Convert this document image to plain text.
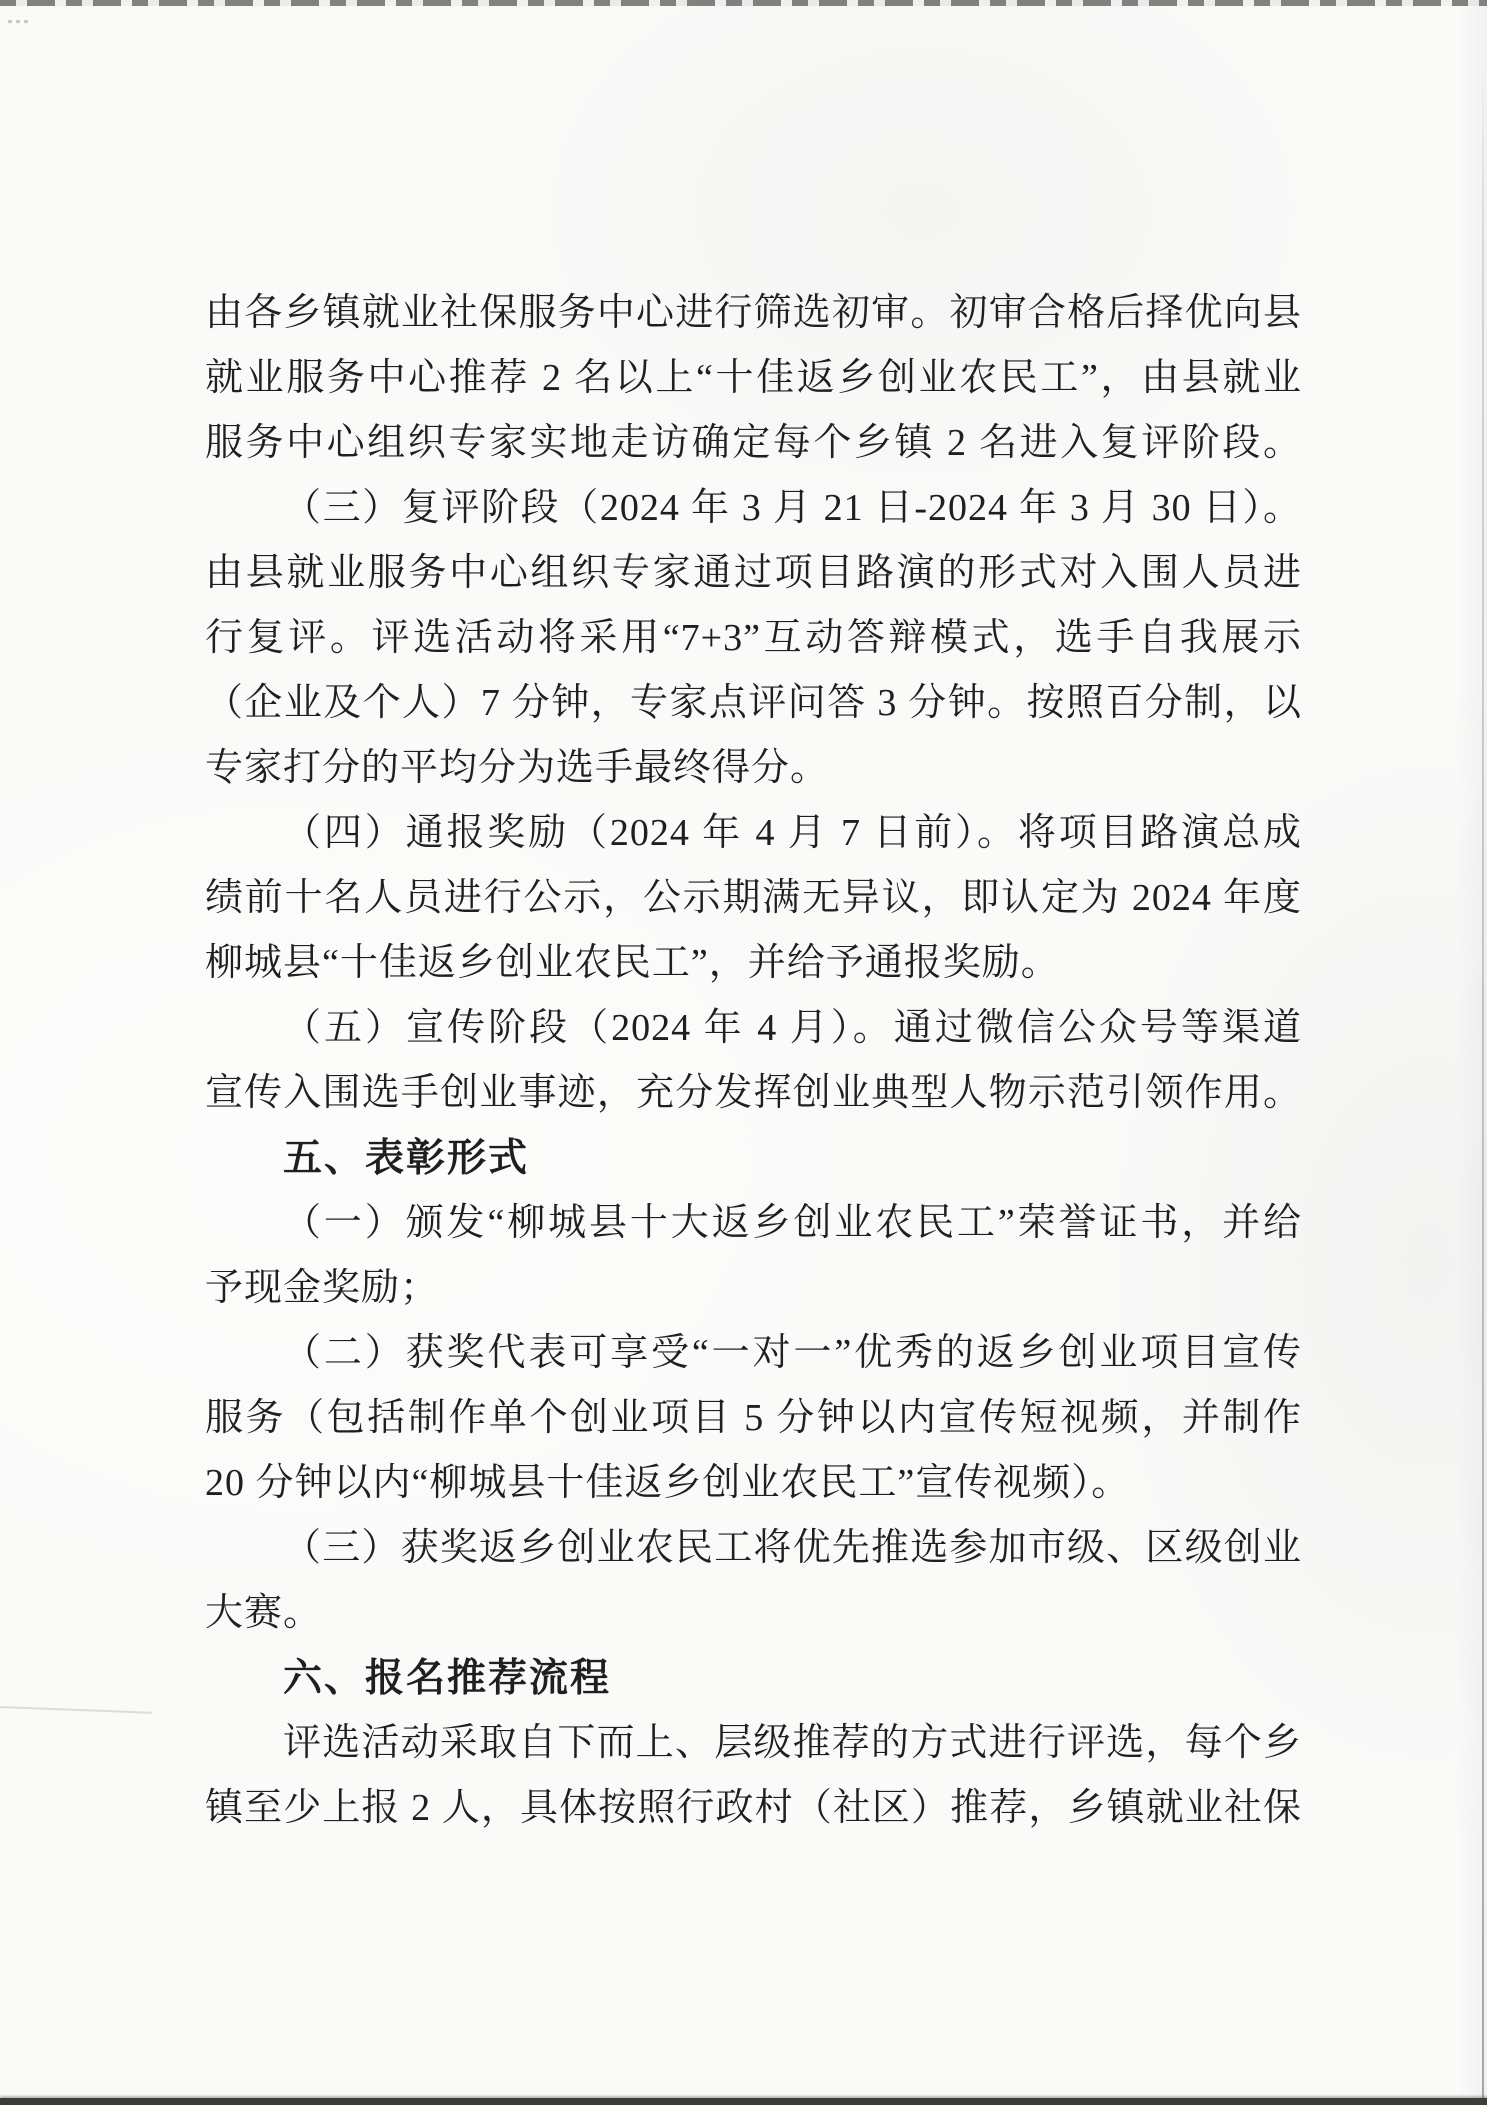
由各乡镇就业社保服务中心进行筛选初审。初审合格后择优向县
就业服务中心推荐 2 名以上“十佳返乡创业农民工”，由县就业
服务中心组织专家实地走访确定每个乡镇 2 名进入复评阶段。
（三）复评阶段（2024 年 3 月 21 日-2024 年 3 月 30 日）。
由县就业服务中心组织专家通过项目路演的形式对入围人员进
行复评。评选活动将采用“7+3”互动答辩模式，选手自我展示
（企业及个人）7 分钟，专家点评问答 3 分钟。按照百分制，以
专家打分的平均分为选手最终得分。
（四）通报奖励（2024 年 4 月 7 日前）。将项目路演总成
绩前十名人员进行公示，公示期满无异议，即认定为 2024 年度
柳城县“十佳返乡创业农民工”，并给予通报奖励。
（五）宣传阶段（2024 年 4 月）。通过微信公众号等渠道
宣传入围选手创业事迹，充分发挥创业典型人物示范引领作用。
五、表彰形式
（一）颁发“柳城县十大返乡创业农民工”荣誉证书，并给
予现金奖励；
（二）获奖代表可享受“一对一”优秀的返乡创业项目宣传
服务（包括制作单个创业项目 5 分钟以内宣传短视频，并制作
20 分钟以内“柳城县十佳返乡创业农民工”宣传视频）。
（三）获奖返乡创业农民工将优先推选参加市级、区级创业
大赛。
六、报名推荐流程
评选活动采取自下而上、层级推荐的方式进行评选，每个乡
镇至少上报 2 人，具体按照行政村（社区）推荐，乡镇就业社保
